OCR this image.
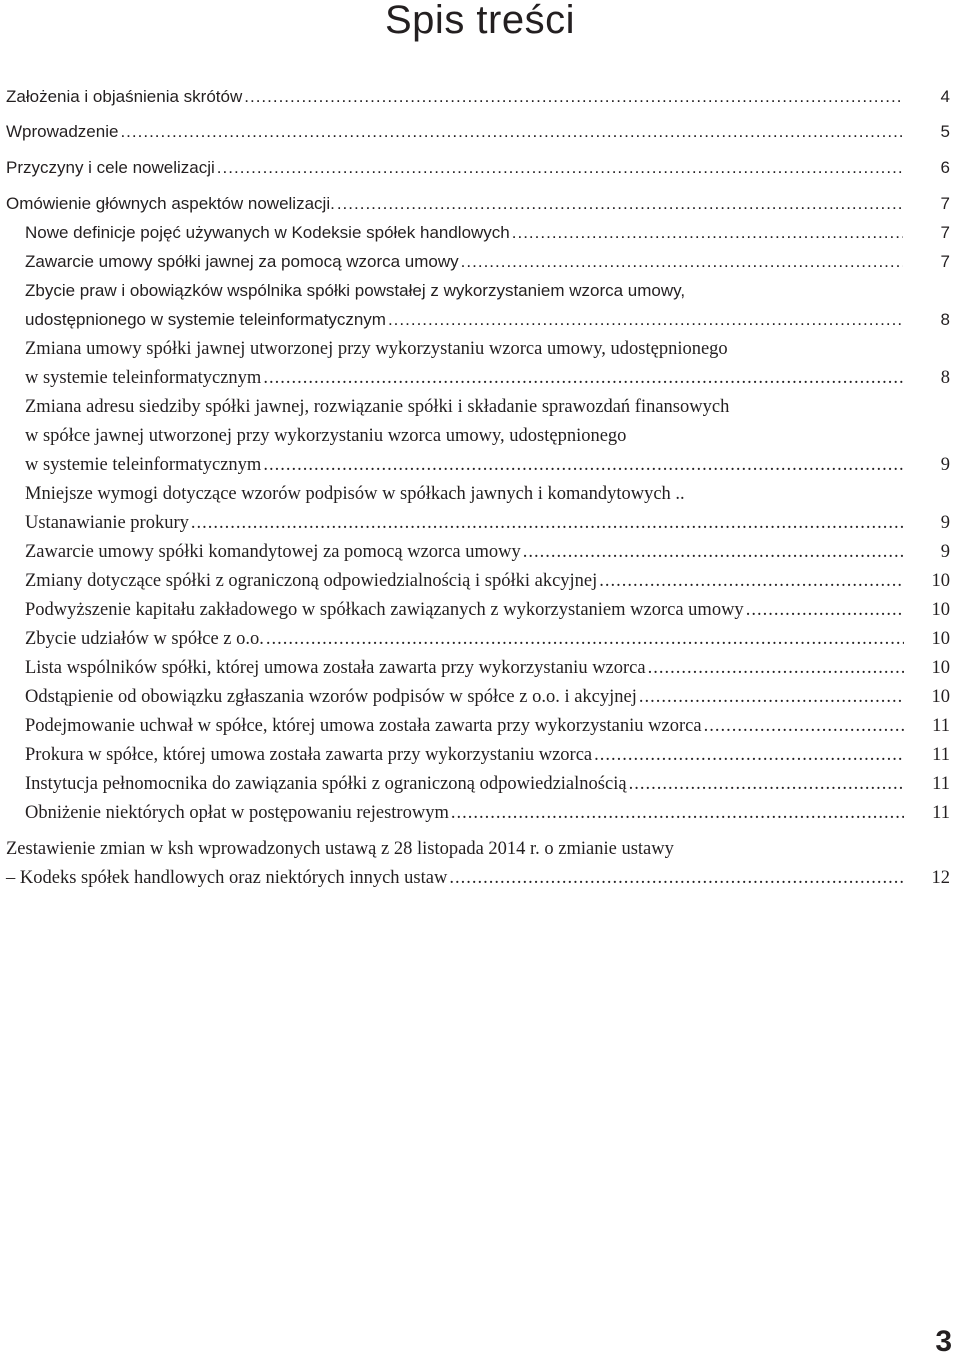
Spis treści
Założenia i objaśnienia skrótów .....	4
Wprowadzenie .....	5
Przyczyny i cele nowelizacji .....	6
Omówienie głównych aspektów nowelizacji. .....	7
Nowe definicje pojęć używanych w Kodeksie spółek handlowych .....	7
Zawarcie umowy spółki jawnej za pomocą wzorca umowy .....	7
Zbycie praw i obowiązków wspólnika spółki powstałej z wykorzystaniem wzorca umowy,
udostępnionego w systemie teleinformatycznym .....	8
Zmiana umowy spółki jawnej utworzonej przy wykorzystaniu wzorca umowy, udostępnionego
w systemie teleinformatycznym .....	8
Zmiana adresu siedziby spółki jawnej, rozwiązanie spółki i składanie sprawozdań finansowych
w spółce jawnej utworzonej przy wykorzystaniu wzorca umowy, udostępnionego
w systemie teleinformatycznym .....	9
Mniejsze wymogi dotyczące wzorów podpisów w spółkach jawnych i komandytowych ..
Ustanawianie prokury .....	9
Zawarcie umowy spółki komandytowej za pomocą wzorca umowy .....	9
Zmiany dotyczące spółki z ograniczoną odpowiedzialnością i spółki akcyjnej .....	10
Podwyższenie kapitału zakładowego w spółkach zawiązanych z wykorzystaniem wzorca umowy .....	10
Zbycie udziałów w spółce z o.o. .....	10
Lista wspólników spółki, której umowa została zawarta przy wykorzystaniu wzorca .....	10
Odstąpienie od obowiązku zgłaszania wzorów podpisów w spółce z o.o. i akcyjnej .....	10
Podejmowanie uchwał w spółce, której umowa została zawarta przy wykorzystaniu wzorca .....	11
Prokura w spółce, której umowa została zawarta przy wykorzystaniu wzorca .....	11
Instytucja pełnomocnika do zawiązania spółki z ograniczoną odpowiedzialnością .....	11
Obniżenie niektórych opłat w postępowaniu rejestrowym .....	11
Zestawienie zmian w ksh wprowadzonych ustawą z 28 listopada 2014 r. o zmianie ustawy
– Kodeks spółek handlowych oraz niektórych innych ustaw .....	12
3
